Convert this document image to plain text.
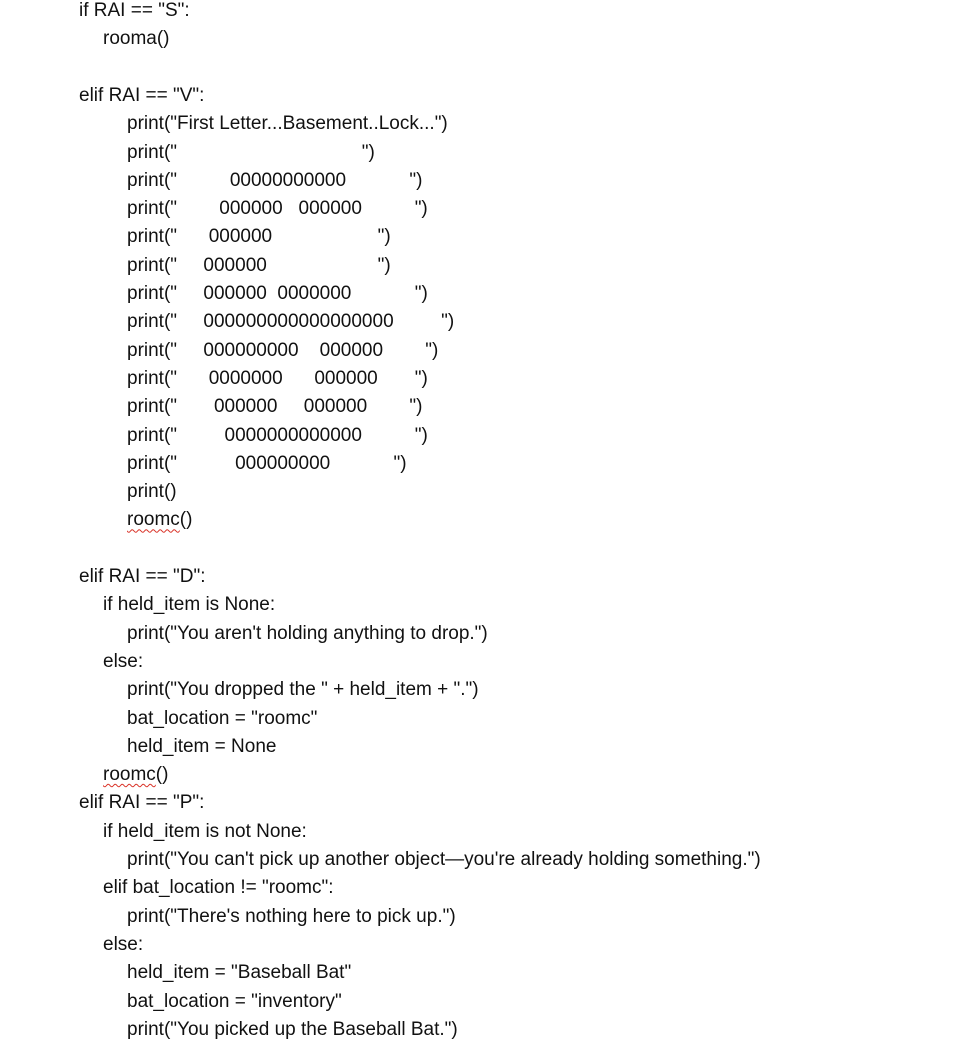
if RAI == "S":

rooma()

elif RAI == "V":

print("First Letter...Basement..Lock...")

print("                                   ")

print("          00000000000            ")

print("        000000   000000          ")

print("      000000                    ")

print("     000000                     ")

print("     000000  0000000            ")

print("     000000000000000000         ")

print("     000000000    000000        ")

print("      0000000      000000       ")

print("       000000     000000        ")

print("         0000000000000          ")

print("           000000000            ")

print()

roomc()

elif RAI == "D":

if held_item is None:

print("You aren't holding anything to drop.")

else:

print("You dropped the " + held_item + ".")

bat_location = "roomc"

held_item = None

roomc()

elif RAI == "P":

if held_item is not None:

print("You can't pick up another object—you're already holding something.")

elif bat_location != "roomc":

print("There's nothing here to pick up.")

else:

held_item = "Baseball Bat"

bat_location = "inventory"

print("You picked up the Baseball Bat.")
